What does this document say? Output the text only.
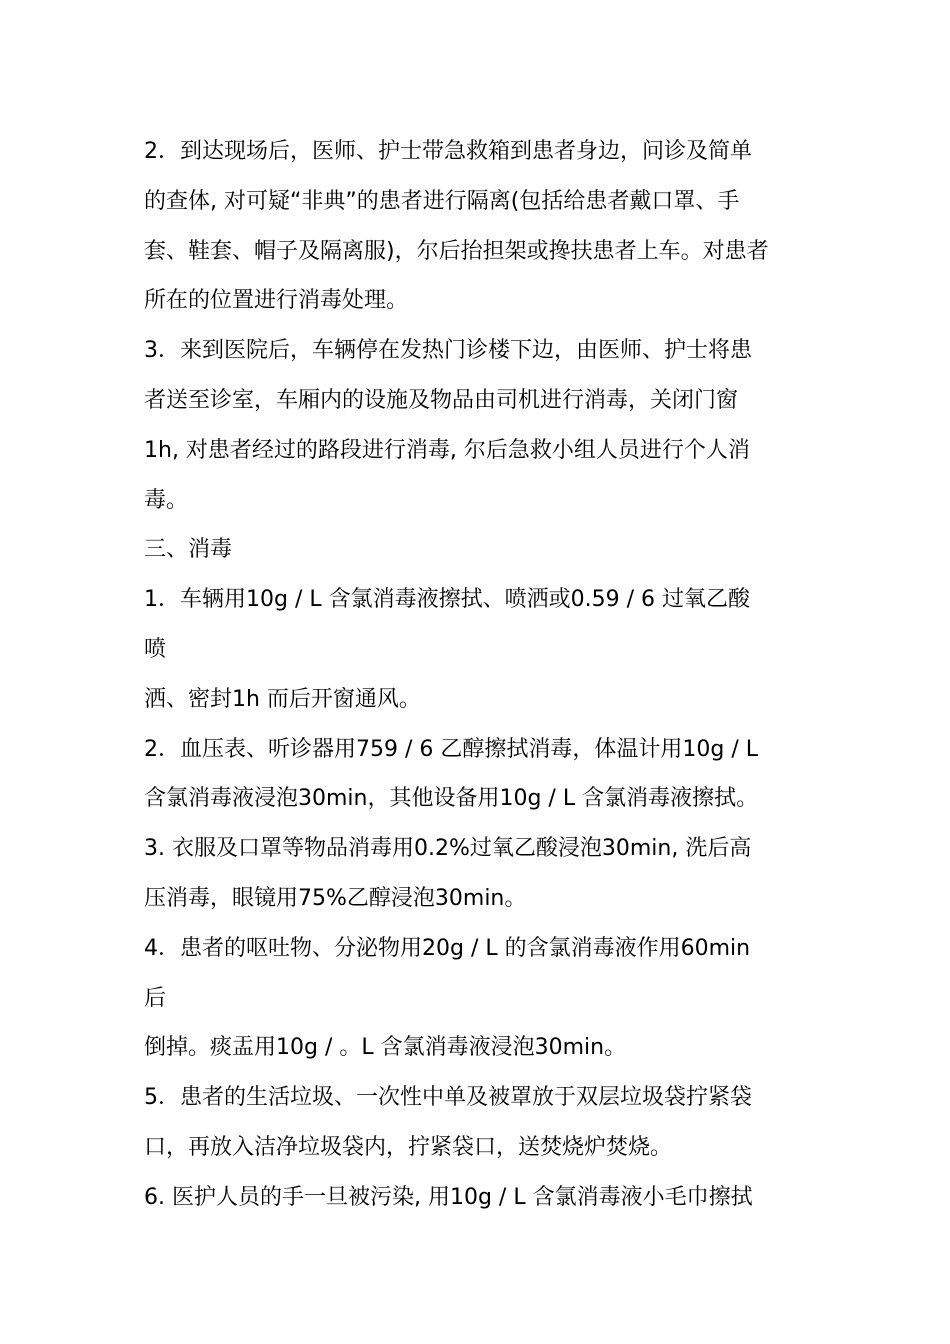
2．到达现场后，医师、护士带急救箱到患者身边，问诊及简单
的查体, 对可疑“非典”的患者进行隔离(包括给患者戴口罩、手
套、鞋套、帽子及隔离服)，尔后抬担架或搀扶患者上车。对患者
所在的位置进行消毒处理。
3．来到医院后，车辆停在发热门诊楼下边，由医师、护士将患
者送至诊室，车厢内的设施及物品由司机进行消毒，关闭门窗
1h, 对患者经过的路段进行消毒, 尔后急救小组人员进行个人消
毒。
三、消毒
1．车辆用10g / L 含氯消毒液擦拭、喷洒或0.59 / 6 过氧乙酸
喷
洒、密封1h 而后开窗通风。
2．血压表、听诊器用759 / 6 乙醇擦拭消毒，体温计用10g / L
含氯消毒液浸泡30min，其他设备用10g / L 含氯消毒液擦拭。
3. 衣服及口罩等物品消毒用0.2%过氧乙酸浸泡30min, 洗后高
压消毒，眼镜用75%乙醇浸泡30min。
4．患者的呕吐物、分泌物用20g / L 的含氯消毒液作用60min
后
倒掉。痰盂用10g / 。L 含氯消毒液浸泡30min。
5．患者的生活垃圾、一次性中单及被罩放于双层垃圾袋拧紧袋
口，再放入洁净垃圾袋内，拧紧袋口，送焚烧炉焚烧。
6. 医护人员的手一旦被污染, 用10g / L 含氯消毒液小毛巾擦拭
